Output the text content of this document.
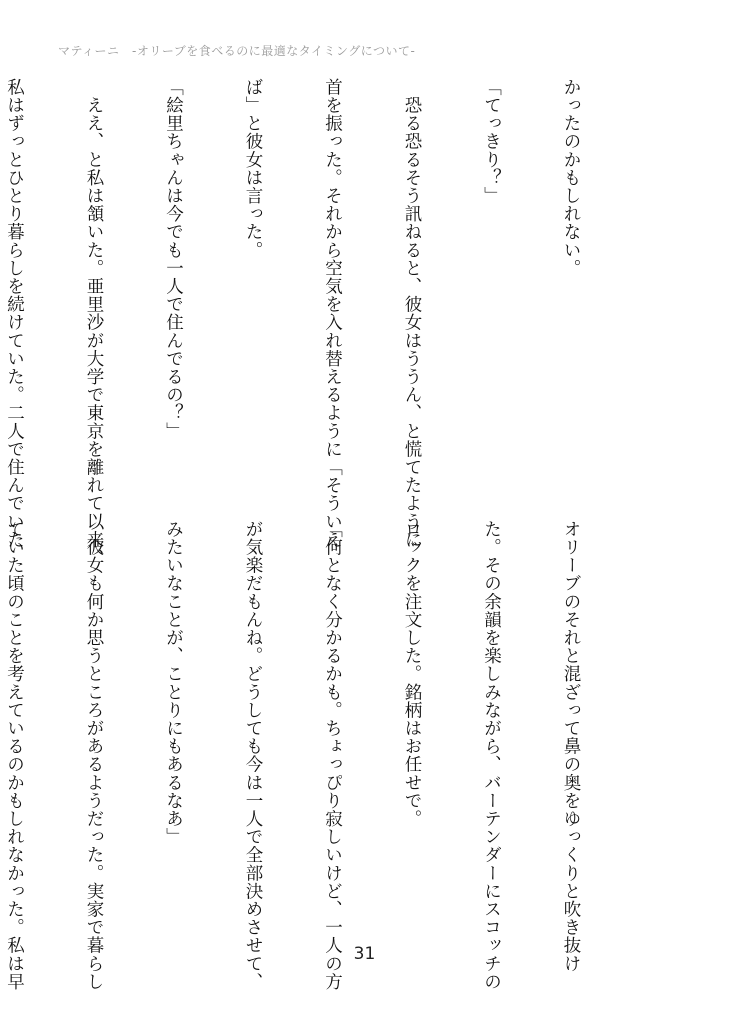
マティーニ　-オリーブを食べるのに最適なタイミングについて-

かったのかもしれない。

「てっきり？」

　恐る恐るそう訊ねると、彼女はううん、と慌てたように

首を振った。それから空気を入れ替えるように「そういえ

ば」と彼女は言った。

「絵里ちゃんは今でも一人で住んでるの？」

　ええ、と私は頷いた。亜里沙が大学で東京を離れて以来、

私はずっとひとり暮らしを続けていた。二人で住んでいた

オリーブのそれと混ざって鼻の奥をゆっくりと吹き抜け

た。その余韻を楽しみながら、バーテンダーにスコッチの

ロックを注文した。銘柄はお任せで。

「何となく分かるかも。ちょっぴり寂しいけど、一人の方

が気楽だもんね。どうしても今は一人で全部決めさせて、

みたいなことが、ことりにもあるなあ」

　彼女も何か思うところがあるようだった。実家で暮らし

ていた頃のことを考えているのかもしれなかった。私は早

	31
